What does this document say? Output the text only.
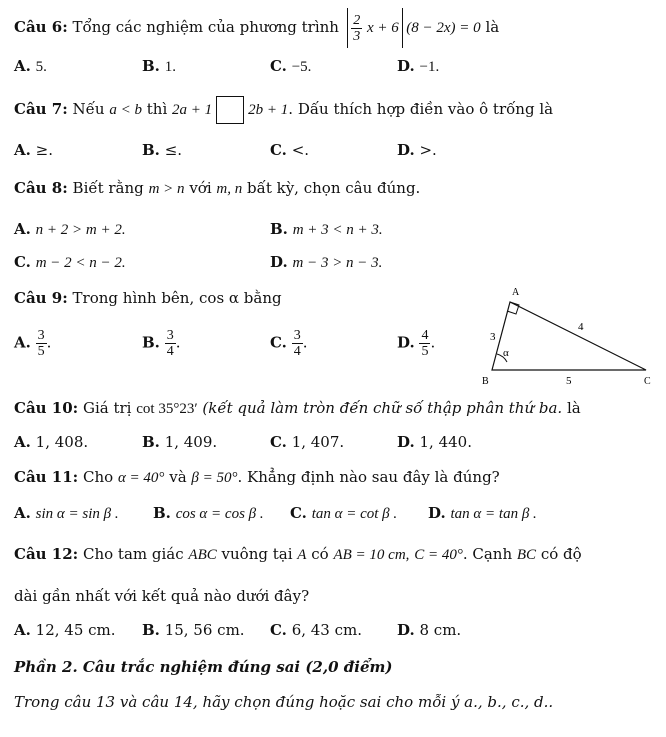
Câu 6: Tổng các nghiệm của phương trình $\frac{2}{3}$ x + 6 (8 − 2x) = 0 là
A. 5.	B. 1.	C. −5.	D. −1.
Câu 7: Nếu a < b thì 2a + 1 2b + 1. Dấu thích hợp điền vào ô trống là
A. ≥.	B. ≤.	C. <.	D. >.
Câu 8: Biết rằng m > n với m, n bất kỳ, chọn câu đúng.
A. n + 2 > m + 2.	B. m + 3 < n + 3.
C. m − 2 < n − 2.	D. m − 3 > n − 3.
Câu 9: Trong hình bên, cos α bằng
A. $\frac{3}{5}$ .	B. $\frac{3}{4}$ .	C. $\frac{3}{4}$ .	D. $\frac{4}{5}$ .
A
B	C
3
4
5
α
Câu 10: Giá trị cot 35°23′ (kết quả làm tròn đến chữ số thập phân thứ ba. là
A. 1, 408.	B. 1, 409.	C. 1, 407.	D. 1, 440.
Câu 11: Cho α = 40° và β = 50°. Khẳng định nào sau đây là đúng?
A. sin α = sin β . B. cos α = cos β . C. tan α = cot β . D. tan α = tan β .
Câu 12: Cho tam giác ABC vuông tại A có AB = 10 cm, C = 40°. Cạnh BC có độ
dài gần nhất với kết quả nào dưới đây?
A. 12, 45 cm. B. 15, 56 cm. C. 6, 43 cm. D. 8 cm.
Phần 2. Câu trắc nghiệm đúng sai (2,0 điểm)
Trong câu 13 và câu 14, hãy chọn đúng hoặc sai cho mỗi ý a., b., c., d..
